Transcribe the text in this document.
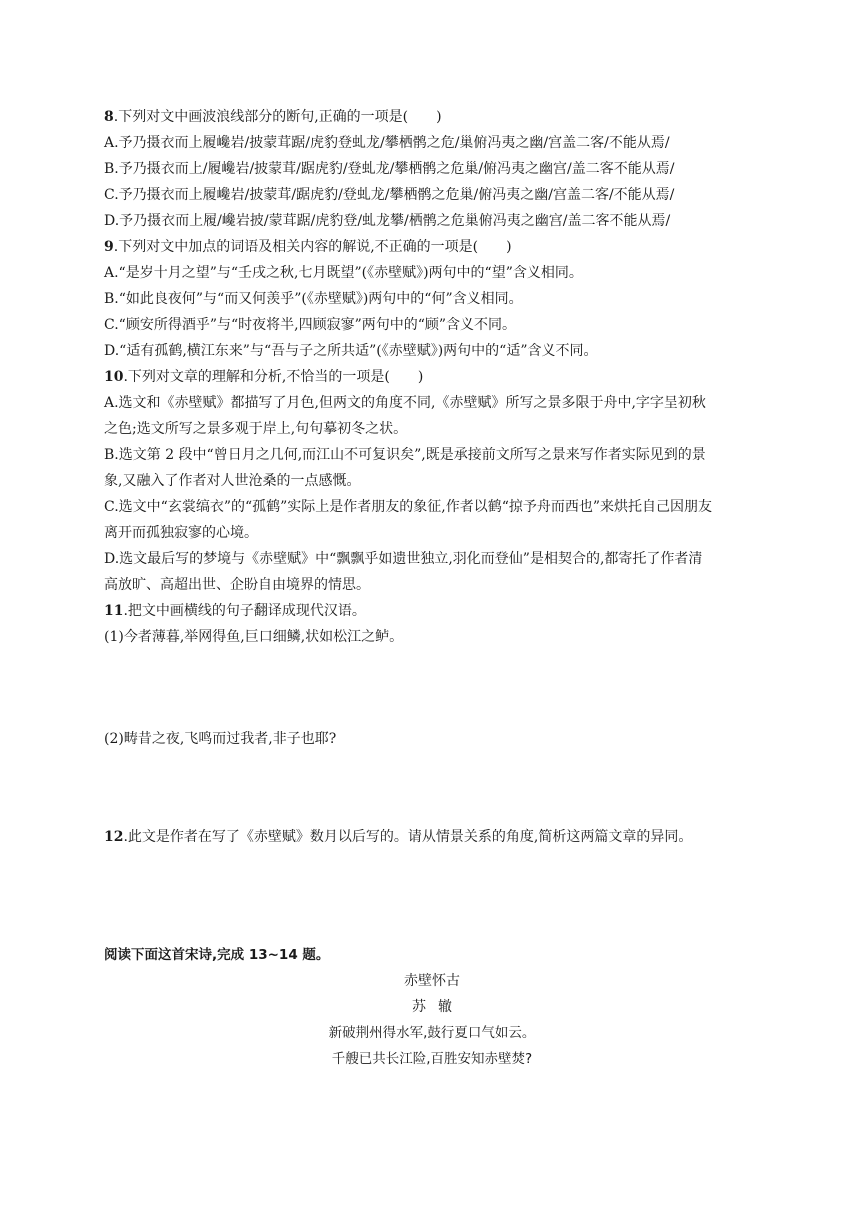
8.下列对文中画波浪线部分的断句,正确的一项是(　　)

A.予乃摄衣而上履巉岩/披蒙茸踞/虎豹登虬龙/攀栖鹘之危/巢俯冯夷之幽/宫盖二客/不能从焉/

B.予乃摄衣而上/履巉岩/披蒙茸/踞虎豹/登虬龙/攀栖鹘之危巢/俯冯夷之幽宫/盖二客不能从焉/

C.予乃摄衣而上履巉岩/披蒙茸/踞虎豹/登虬龙/攀栖鹘之危巢/俯冯夷之幽/宫盖二客/不能从焉/

D.予乃摄衣而上履/巉岩披/蒙茸踞/虎豹登/虬龙攀/栖鹘之危巢俯冯夷之幽宫/盖二客不能从焉/

9.下列对文中加点的词语及相关内容的解说,不正确的一项是(　　)

A.“是岁十月之望”与“壬戌之秋,七月既望”(《赤壁赋》)两句中的“望”含义相同。

B.“如此良夜何”与“而又何羡乎”(《赤壁赋》)两句中的“何”含义相同。

C.“顾安所得酒乎”与“时夜将半,四顾寂寥”两句中的“顾”含义不同。

D.“适有孤鹤,横江东来”与“吾与子之所共适”(《赤壁赋》)两句中的“适”含义不同。

10.下列对文章的理解和分析,不恰当的一项是(　　)

A.选文和《赤壁赋》都描写了月色,但两文的角度不同,《赤壁赋》所写之景多限于舟中,字字呈初秋

之色;选文所写之景多观于岸上,句句摹初冬之状。

B.选文第 2 段中“曾日月之几何,而江山不可复识矣”,既是承接前文所写之景来写作者实际见到的景

象,又融入了作者对人世沧桑的一点感慨。

C.选文中“玄裳缟衣”的“孤鹤”实际上是作者朋友的象征,作者以鹤“掠予舟而西也”来烘托自己因朋友

离开而孤独寂寥的心境。

D.选文最后写的梦境与《赤壁赋》中“飘飘乎如遗世独立,羽化而登仙”是相契合的,都寄托了作者清

高放旷、高超出世、企盼自由境界的情思。

11.把文中画横线的句子翻译成现代汉语。

(1)今者薄暮,举网得鱼,巨口细鳞,状如松江之鲈。

(2)畴昔之夜,飞鸣而过我者,非子也耶?

12.此文是作者在写了《赤壁赋》数月以后写的。请从情景关系的角度,简析这两篇文章的异同。

阅读下面这首宋诗,完成 13~14 题。

赤壁怀古

苏辙

新破荆州得水军,鼓行夏口气如云。

千艘已共长江险,百胜安知赤壁焚?
